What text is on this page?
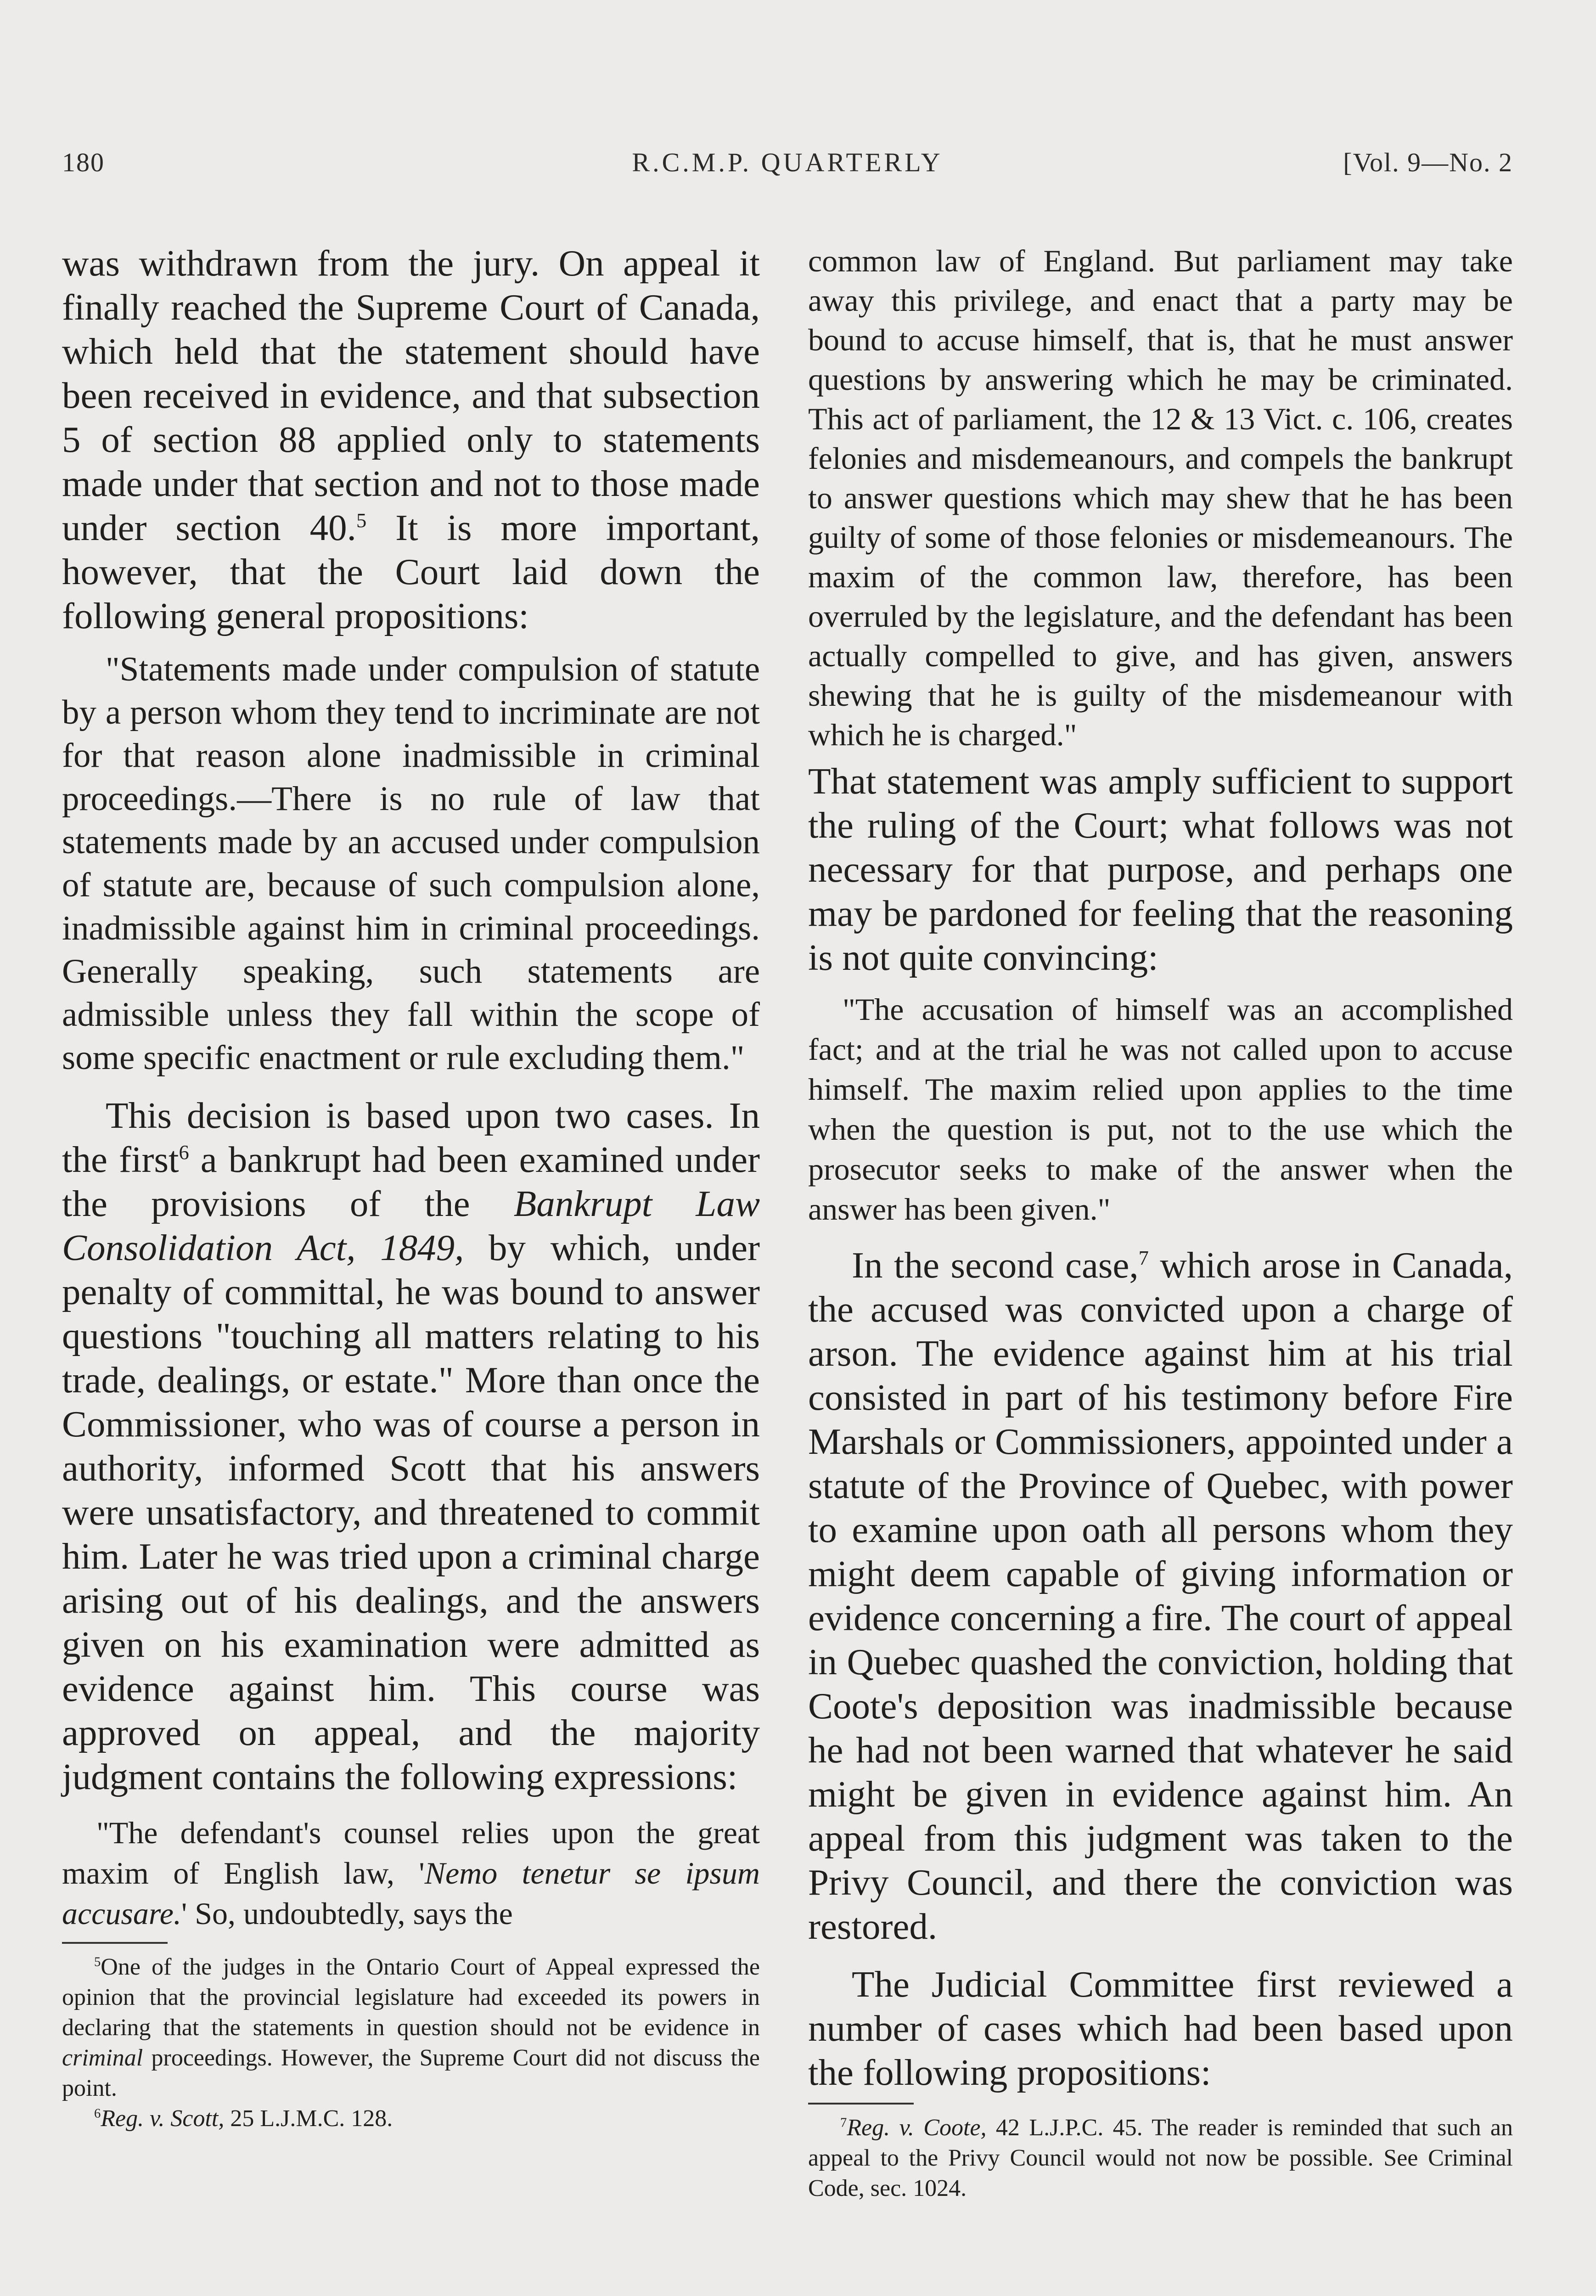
180	R.C.M.P. QUARTERLY	[Vol. 9—No. 2

was withdrawn from the jury. On appeal it finally reached the Supreme Court of Canada, which held that the statement should have been received in evidence, and that subsection 5 of section 88 applied only to statements made under that section and not to those made under section 40.$^5$ It is more important, however, that the Court laid down the following general propositions:

"Statements made under compulsion of statute by a person whom they tend to incriminate are not for that reason alone inadmissible in criminal proceedings.—There is no rule of law that statements made by an accused under compulsion of statute are, because of such compulsion alone, inadmissible against him in criminal proceedings. Generally speaking, such statements are admissible unless they fall within the scope of some specific enactment or rule excluding them."

This decision is based upon two cases. In the first$^6$ a bankrupt had been examined under the provisions of the Bankrupt Law Consolidation Act, 1849, by which, under penalty of committal, he was bound to answer questions "touching all matters relating to his trade, dealings, or estate." More than once the Commissioner, who was of course a person in authority, informed Scott that his answers were unsatisfactory, and threatened to commit him. Later he was tried upon a criminal charge arising out of his dealings, and the answers given on his examination were admitted as evidence against him. This course was approved on appeal, and the majority judgment contains the following expressions:

"The defendant's counsel relies upon the great maxim of English law, 'Nemo tenetur se ipsum accusare.' So, undoubtedly, says the

$^5$One of the judges in the Ontario Court of Appeal expressed the opinion that the provincial legislature had exceeded its powers in declaring that the statements in question should not be evidence in criminal proceedings. However, the Supreme Court did not discuss the point.

$^6$Reg. v. Scott, 25 L.J.M.C. 128.

common law of England. But parliament may take away this privilege, and enact that a party may be bound to accuse himself, that is, that he must answer questions by answering which he may be criminated. This act of parliament, the 12 & 13 Vict. c. 106, creates felonies and misdemeanours, and compels the bankrupt to answer questions which may shew that he has been guilty of some of those felonies or misdemeanours. The maxim of the common law, therefore, has been overruled by the legislature, and the defendant has been actually compelled to give, and has given, answers shewing that he is guilty of the misdemeanour with which he is charged."

That statement was amply sufficient to support the ruling of the Court; what follows was not necessary for that purpose, and perhaps one may be pardoned for feeling that the reasoning is not quite convincing:

"The accusation of himself was an accomplished fact; and at the trial he was not called upon to accuse himself. The maxim relied upon applies to the time when the question is put, not to the use which the prosecutor seeks to make of the answer when the answer has been given."

In the second case,$^7$ which arose in Canada, the accused was convicted upon a charge of arson. The evidence against him at his trial consisted in part of his testimony before Fire Marshals or Commissioners, appointed under a statute of the Province of Quebec, with power to examine upon oath all persons whom they might deem capable of giving information or evidence concerning a fire. The court of appeal in Quebec quashed the conviction, holding that Coote's deposition was inadmissible because he had not been warned that whatever he said might be given in evidence against him. An appeal from this judgment was taken to the Privy Council, and there the conviction was restored.

The Judicial Committee first reviewed a number of cases which had been based upon the following propositions:

$^7$Reg. v. Coote, 42 L.J.P.C. 45. The reader is reminded that such an appeal to the Privy Council would not now be possible. See Criminal Code, sec. 1024.
